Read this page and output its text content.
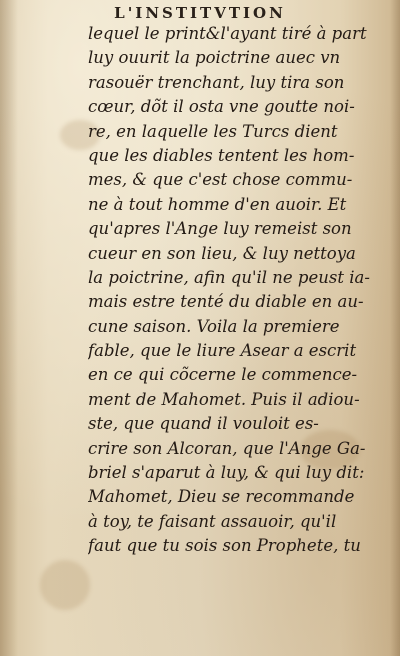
L'INSTITVTION
lequel le print&l'ayant tiré à part
luy ouurit la poictrine auec vn
rasouër trenchant, luy tira son
cœur, dõt il osta vne goutte noi-
re, en laquelle les Turcs dient
que les diables tentent les hom-
mes, & que c'est chose commu-
ne à tout homme d'en auoir. Et
qu'apres l'Ange luy remeist son
cueur en son lieu, & luy nettoya
la poictrine, afin qu'il ne peust ia-
mais estre tenté du diable en au-
cune saison. Voila la premiere
fable, que le liure Asear a escrit
en ce qui cõcerne le commence-
ment de Mahomet. Puis il adiou-
ste, que quand il vouloit es-
crire son Alcoran, que l'Ange Ga-
briel s'aparut à luy, & qui luy dit:
Mahomet, Dieu se recommande
à toy, te faisant assauoir, qu'il
faut que tu sois son Prophete, tu
